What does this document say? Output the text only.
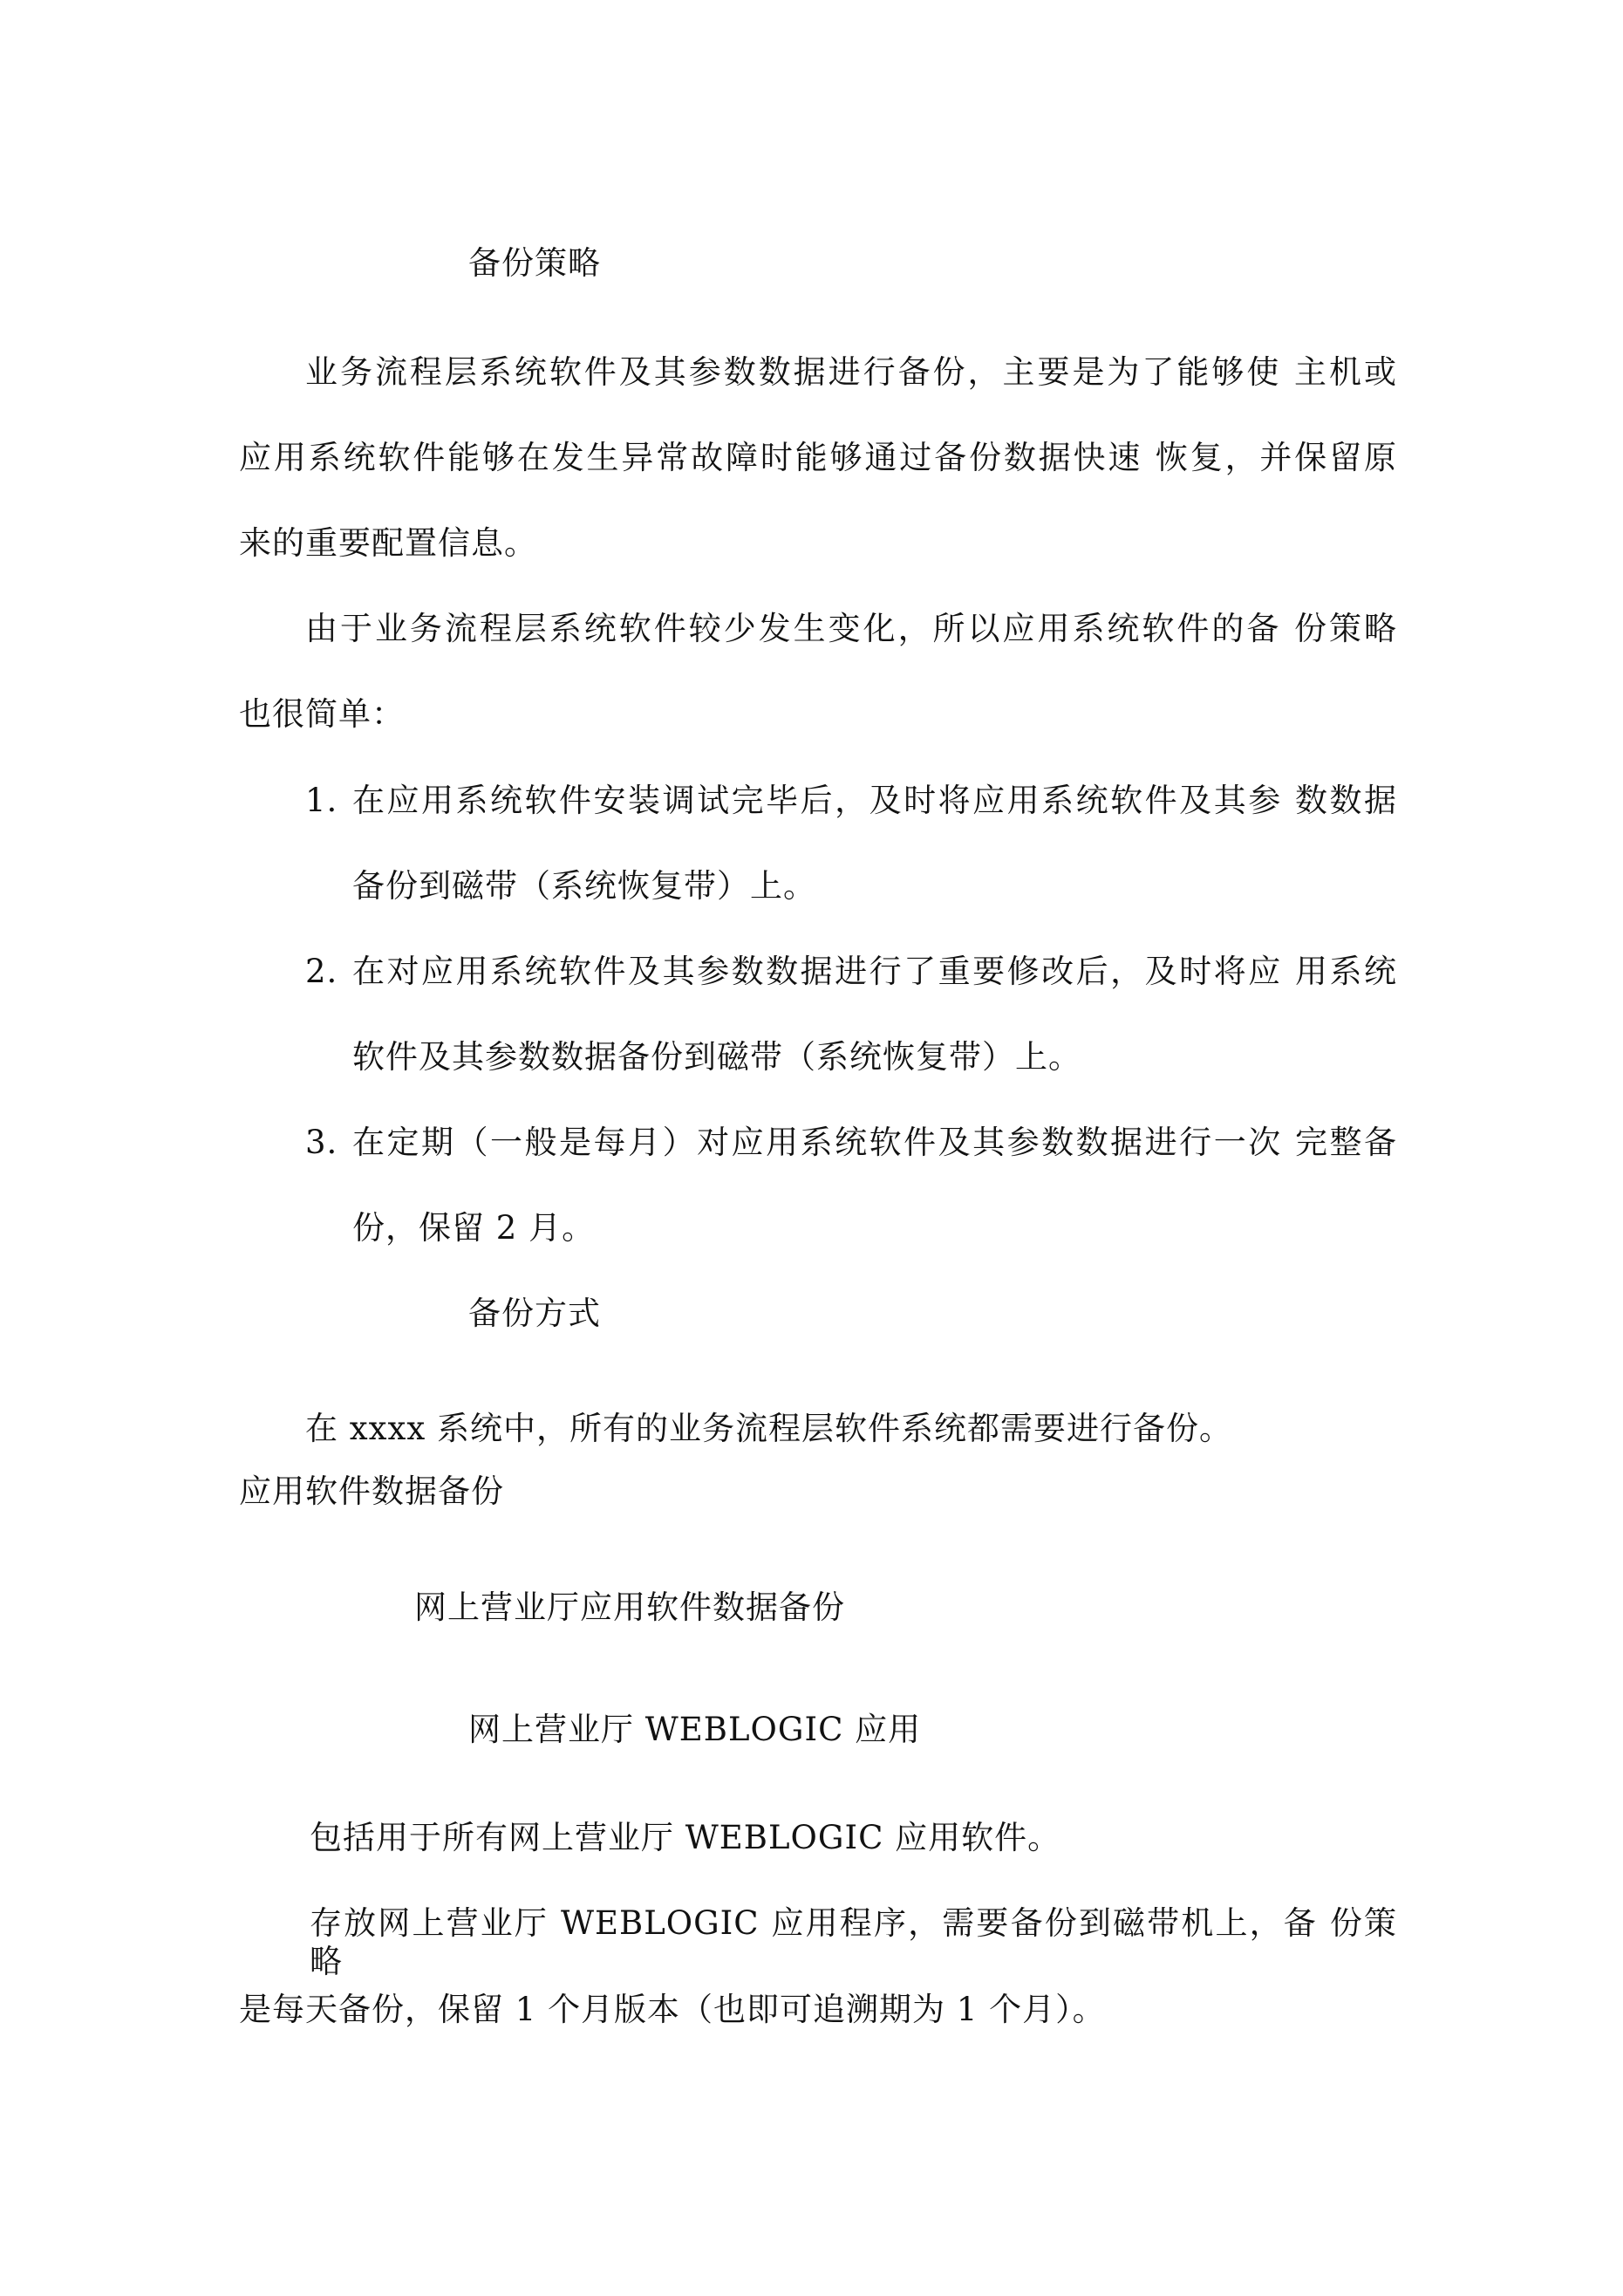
备份策略
业务流程层系统软件及其参数数据进行备份，主要是为了能够使 主机或
应用系统软件能够在发生异常故障时能够通过备份数据快速 恢复，并保留原
来的重要配置信息。
由于业务流程层系统软件较少发生变化，所以应用系统软件的备 份策略
也很简单：
1. 在应用系统软件安装调试完毕后，及时将应用系统软件及其参 数数据
备份到磁带（系统恢复带）上。
2. 在对应用系统软件及其参数数据进行了重要修改后，及时将应 用系统
软件及其参数数据备份到磁带（系统恢复带）上。
3. 在定期（一般是每月）对应用系统软件及其参数数据进行一次 完整备
份，保留 2 月。
备份方式
在 xxxx 系统中，所有的业务流程层软件系统都需要进行备份。
应用软件数据备份
网上营业厅应用软件数据备份
网上营业厅 WEBLOGIC 应用
包括用于所有网上营业厅 WEBLOGIC 应用软件。
存放网上营业厅 WEBLOGIC 应用程序，需要备份到磁带机上，备 份策略
是每天备份，保留 1 个月版本（也即可追溯期为 1 个月）。
